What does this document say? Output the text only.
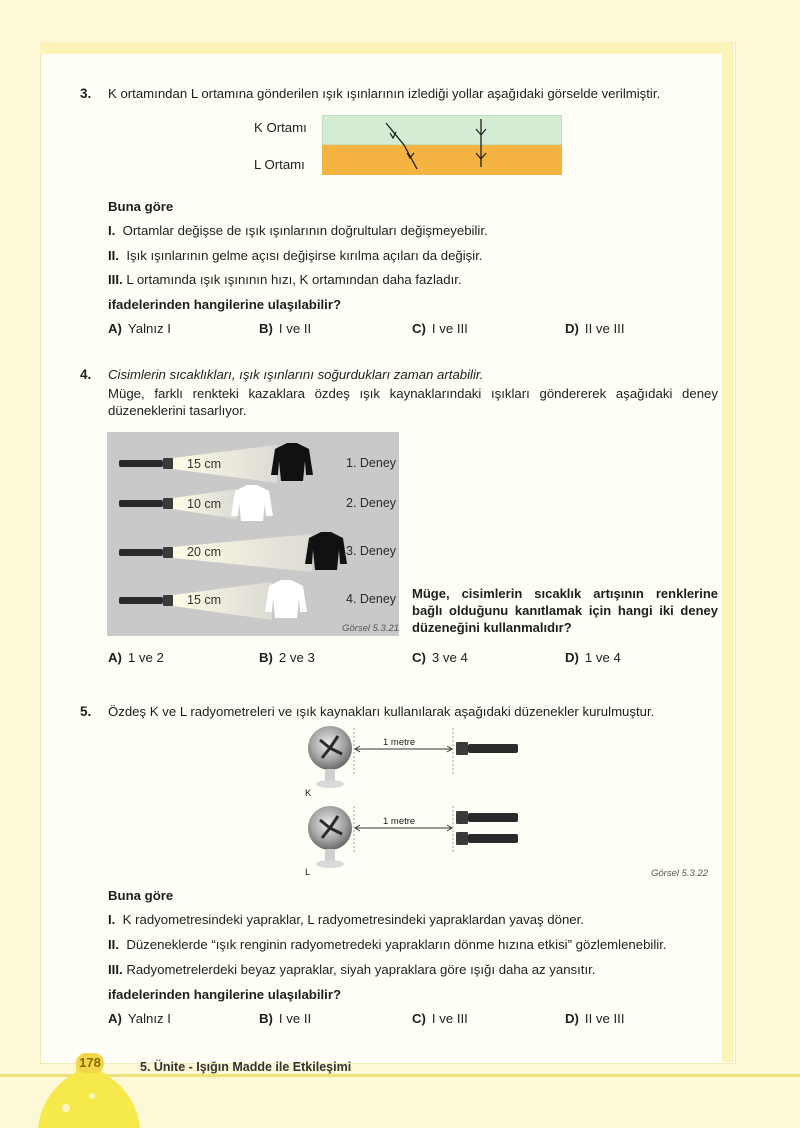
3. K ortamından L ortamına gönderilen ışık ışınlarının izlediği yollar aşağıdaki görselde verilmiştir.
K Ortamı
L Ortamı
Buna göre
I. Ortamlar değişse de ışık ışınlarının doğrultuları değişmeyebilir.
II. Işık ışınlarının gelme açısı değişirse kırılma açıları da değişir.
III. L ortamında ışık ışınının hızı, K ortamından daha fazladır.
ifadelerinden hangilerine ulaşılabilir?
A) Yalnız I	B) I ve II	C) I ve III	D) II ve III
4. Cisimlerin sıcaklıkları, ışık ışınlarını soğurdukları zaman artabilir.
Müge, farklı renkteki kazaklara özdeş ışık kaynaklarındaki ışıkları göndererek aşağıdaki deney düzeneklerini tasarlıyor.
15 cm	1. Deney
10 cm	2. Deney
20 cm	3. Deney
15 cm	4. Deney
Görsel 5.3.21
Müge, cisimlerin sıcaklık artışının renklerine bağlı olduğunu kanıtlamak için hangi iki deney düzeneğini kullanmalıdır?
A) 1 ve 2	B) 2 ve 3	C) 3 ve 4	D) 1 ve 4
5. Özdeş K ve L radyometreleri ve ışık kaynakları kullanılarak aşağıdaki düzenekler kurulmuştur.
1 metre
1 metre
K
L	Görsel 5.3.22
Buna göre
I. K radyometresindeki yapraklar, L radyometresindeki yapraklardan yavaş döner.
II. Düzeneklerde “ışık renginin radyometredeki yaprakların dönme hızına etkisi” gözlemlenebilir.
III. Radyometrelerdeki beyaz yapraklar, siyah yapraklara göre ışığı daha az yansıtır.
ifadelerinden hangilerine ulaşılabilir?
A) Yalnız I	B) I ve II	C) I ve III	D) II ve III
178	5. Ünite - Işığın Madde ile Etkileşimi
